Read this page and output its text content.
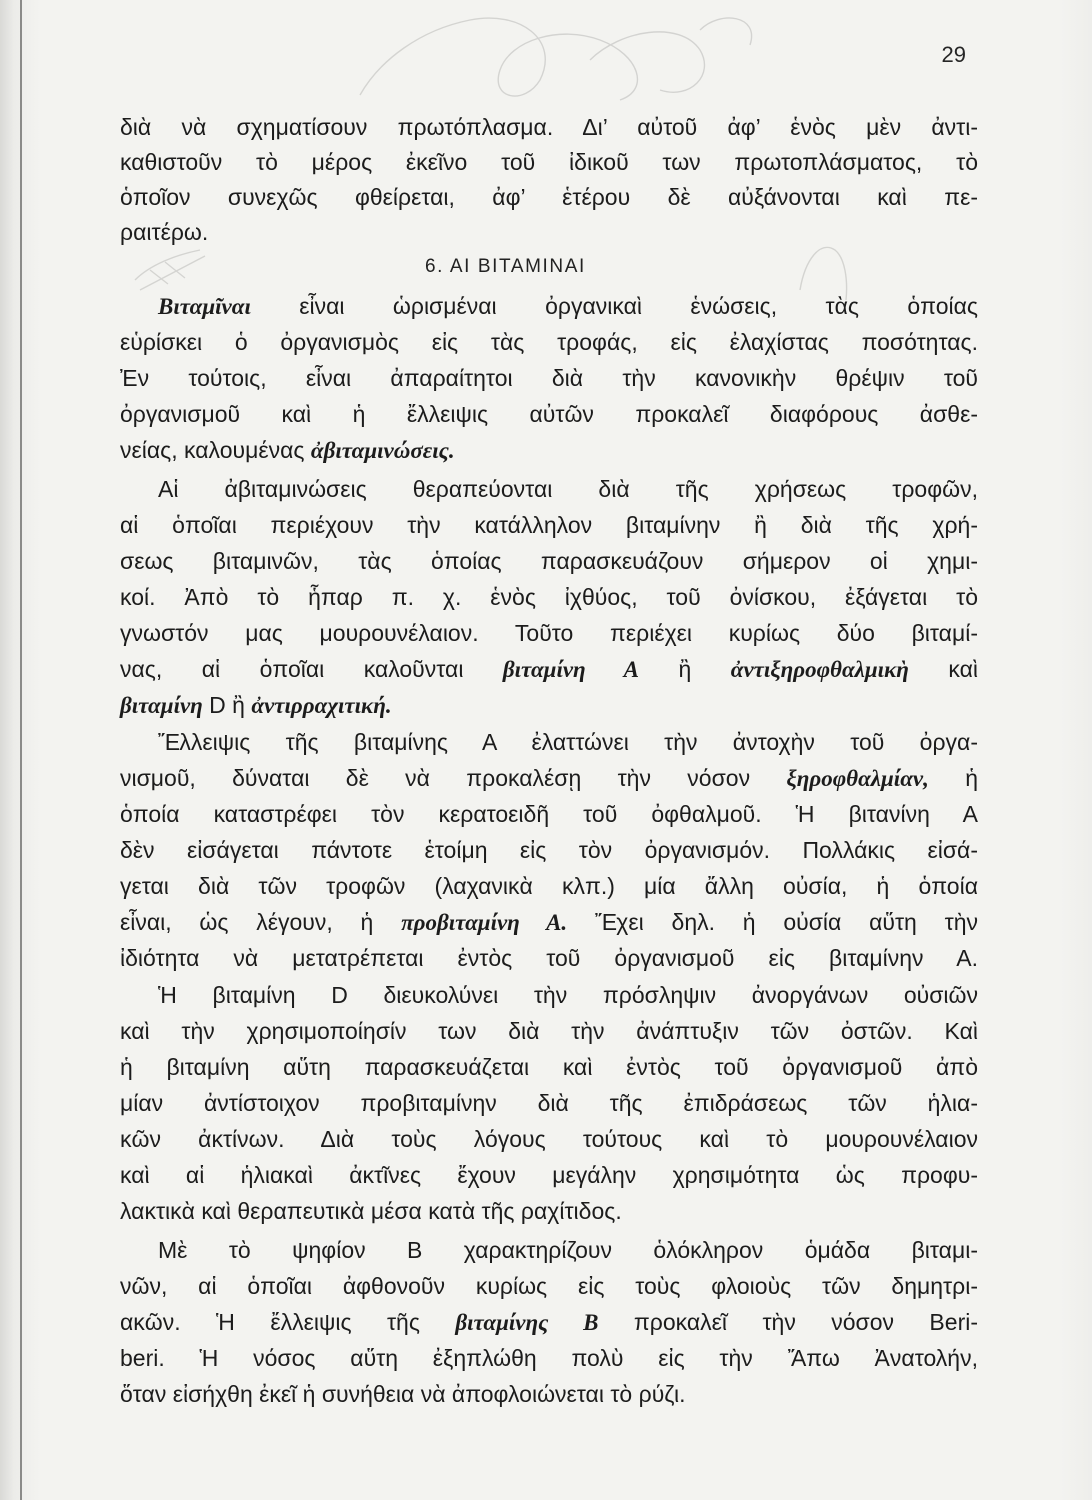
29
διὰ νὰ σχηματίσουν πρωτόπλασμα. Δι’ αὐτοῦ ἀφ’ ἑνὸς μὲν ἀντι-
καθιστοῦν τὸ μέρος ἐκεῖνο τοῦ ἰδικοῦ των πρωτοπλάσματος, τὸ
ὁποῖον συνεχῶς φθείρεται, ἀφ’ ἑτέρου δὲ αὐξάνονται καὶ πε-
ραιτέρω.
6. ΑΙ ΒΙΤΑΜΙΝΑΙ
Βιταμῖναι εἶναι ὡρισμέναι ὀργανικαὶ ἑνώσεις, τὰς ὁποίας
εὑρίσκει ὁ ὀργανισμὸς εἰς τὰς τροφάς, εἰς ἐλαχίστας ποσότητας.
Ἐν τούτοις, εἶναι ἀπαραίτητοι διὰ τὴν κανονικὴν θρέψιν τοῦ
ὀργανισμοῦ καὶ ἡ ἔλλειψις αὐτῶν προκαλεῖ διαφόρους ἀσθε-
νείας, καλουμένας ἀβιταμινώσεις.
Αἱ ἀβιταμινώσεις θεραπεύονται διὰ τῆς χρήσεως τροφῶν,
αἱ ὁποῖαι περιέχουν τὴν κατάλληλον βιταμίνην ἢ διὰ τῆς χρή-
σεως βιταμινῶν, τὰς ὁποίας παρασκευάζουν σήμερον οἱ χημι-
κοί. Ἀπὸ τὸ ἧπαρ π. χ. ἑνὸς ἰχθύος, τοῦ ὀνίσκου, ἐξάγεται τὸ
γνωστόν μας μουρουνέλαιον. Τοῦτο περιέχει κυρίως δύο βιταμί-
νας, αἱ ὁποῖαι καλοῦνται βιταμίνη Α ἢ ἀντιξηροφθαλμικὴ καὶ
βιταμίνη D ἢ ἀντιρραχιτική.
Ἔλλειψις τῆς βιταμίνης Α ἐλαττώνει τὴν ἀντοχὴν τοῦ ὀργα-
νισμοῦ, δύναται δὲ νὰ προκαλέσῃ τὴν νόσον ξηροφθαλμίαν, ἡ
ὁποία καταστρέφει τὸν κερατοειδῆ τοῦ ὀφθαλμοῦ. Ἡ βιτανίνη Α
δὲν εἰσάγεται πάντοτε ἑτοίμη εἰς τὸν ὀργανισμόν. Πολλάκις εἰσά-
γεται διὰ τῶν τροφῶν (λαχανικὰ κλπ.) μία ἄλλη οὐσία, ἡ ὁποία
εἶναι, ὡς λέγουν, ἡ προβιταμίνη Α. Ἔχει δηλ. ἡ οὐσία αὕτη τὴν
ἰδιότητα νὰ μετατρέπεται ἐντὸς τοῦ ὀργανισμοῦ εἰς βιταμίνην Α.
Ἡ βιταμίνη D διευκολύνει τὴν πρόσληψιν ἀνοργάνων οὐσιῶν
καὶ τὴν χρησιμοποίησίν των διὰ τὴν ἀνάπτυξιν τῶν ὀστῶν. Καὶ
ἡ βιταμίνη αὕτη παρασκευάζεται καὶ ἐντὸς τοῦ ὀργανισμοῦ ἀπὸ
μίαν ἀντίστοιχον προβιταμίνην διὰ τῆς ἐπιδράσεως τῶν ἡλια-
κῶν ἀκτίνων. Διὰ τοὺς λόγους τούτους καὶ τὸ μουρουνέλαιον
καὶ αἱ ἡλιακαὶ ἀκτῖνες ἔχουν μεγάλην χρησιμότητα ὡς προφυ-
λακτικὰ καὶ θεραπευτικὰ μέσα κατὰ τῆς ραχίτιδος.
Μὲ τὸ ψηφίον Β χαρακτηρίζουν ὁλόκληρον ὁμάδα βιταμι-
νῶν, αἱ ὁποῖαι ἀφθονοῦν κυρίως εἰς τοὺς φλοιοὺς τῶν δημητρι-
ακῶν. Ἡ ἔλλειψις τῆς βιταμίνης Β προκαλεῖ τὴν νόσον Beri-
beri. Ἡ νόσος αὕτη ἐξηπλώθη πολὺ εἰς τὴν Ἄπω Ἀνατολήν,
ὅταν εἰσήχθη ἐκεῖ ἡ συνήθεια νὰ ἀποφλοιώνεται τὸ ρύζι.
